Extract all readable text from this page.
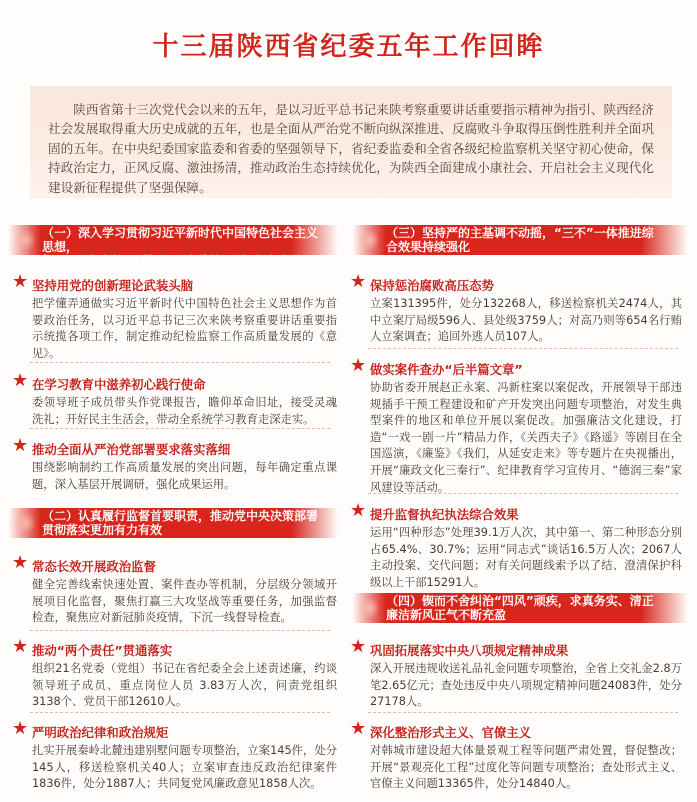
十三届陕西省纪委五年工作回眸
陕西省第十三次党代会以来的五年，是以习近平总书记来陕考察重要讲话重要指示精神为指引、陕西经济社会发展取得重大历史成就的五年，也是全面从严治党不断向纵深推进、反腐败斗争取得压倒性胜利并全面巩固的五年。在中央纪委国家监委和省委的坚强领导下，省纪委监委和全省各级纪检监察机关坚守初心使命，保持政治定力，正风反腐、激浊扬清，推动政治生态持续优化，为陕西全面建成小康社会、开启社会主义现代化建设新征程提供了坚强保障。
（一）深入学习贯彻习近平新时代中国特色社会主义思想，
捍卫“两个确立”，做到“两个维护”更加坚定自觉
★ 坚持用党的创新理论武装头脑
把学懂弄通做实习近平新时代中国特色社会主义思想作为首要政治任务，以习近平总书记三次来陕考察重要讲话重要指示统揽各项工作，制定推动纪检监察工作高质量发展的《意见》。
★ 在学习教育中滋养初心践行使命
委领导班子成员带头作党课报告，瞻仰革命旧址，接受灵魂洗礼；开好民主生活会，带动全系统学习教育走深走实。
★ 推动全面从严治党部署要求落实落细
围绕影响制约工作高质量发展的突出问题，每年确定重点课题，深入基层开展调研，强化成果运用。
（二）认真履行监督首要职责，推动党中央决策部署
贯彻落实更加有力有效
★ 常态长效开展政治监督
健全完善线索快速处置、案件查办等机制，分层级分领域开展项目化监督，聚焦打赢三大攻坚战等重要任务，加强监督检查，聚焦应对新冠肺炎疫情，下沉一线督导检查。
★ 推动“两个责任”贯通落实
组织21名党委（党组）书记在省纪委全会上述责述廉，约谈领导班子成员、重点岗位人员 3.83万人次，问责党组织3138个、党员干部12610人。
★ 严明政治纪律和政治规矩
扎实开展秦岭北麓违建别墅问题专项整治，立案145件，处分145人，移送检察机关40人；立案审查违反政治纪律案件1836件，处分1887人；共同复党风廉政意见1858人次。
（三）坚持严的主基调不动摇，“三不”一体推进综
合效果持续强化
★ 保持惩治腐败高压态势
立案131395件，处分132268人，移送检察机关2474人，其中立案厅局级596人、县处级3759人；对高乃则等654名行贿人立案调查；追回外逃人员107人。
★ 做实案件查办“后半篇文章”
协助省委开展赵正永案、冯新柱案以案促改，开展领导干部违规插手干预工程建设和矿产开发突出问题专项整治，对发生典型案件的地区和单位开展以案促改。加强廉洁文化建设，打造“一戏一剧一片”精品力作，《关西夫子》《路遥》等剧目在全国巡演，《廉鉴》《我们，从延安走来》等专题片在央视播出，开展“廉政文化三秦行”、纪律教育学习宣传月、“德润三秦”家风建设等活动。
★ 提升监督执纪执法综合效果
运用“四种形态”处理39.1万人次，其中第一、第二种形态分别占65.4%、30.7%；运用“同志式”谈话16.5万人次；2067人主动投案、交代问题；对有关问题线索予以了结、澄清保护科级以上干部15291人。
（四）锲而不舍纠治“四风”顽疾，求真务实、清正
廉洁新风正气不断充盈
★ 巩固拓展落实中央八项规定精神成果
深入开展违规收送礼品礼金问题专项整治，全省上交礼金2.8万笔2.65亿元；查处违反中央八项规定精神问题24083件，处分27178人。
★ 深化整治形式主义、官僚主义
对韩城市建设超大体量景观工程等问题严肃处置，督促整改；开展“景观亮化工程”过度化等问题专项整治；查处形式主义、官僚主义问题13365件，处分14840人。
